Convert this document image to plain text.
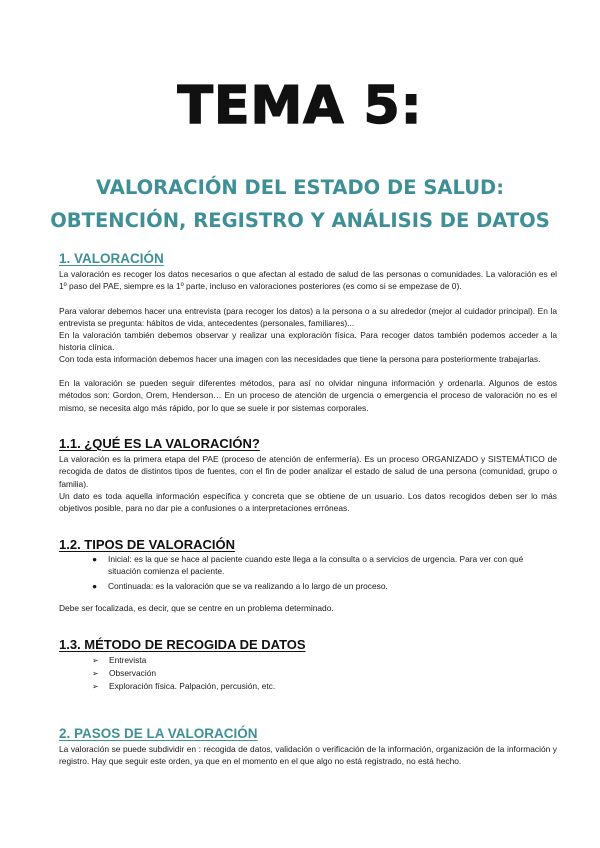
TEMA 5:
VALORACIÓN DEL ESTADO DE SALUD:
OBTENCIÓN, REGISTRO Y ANÁLISIS DE DATOS
1. VALORACIÓN
La valoración es recoger los datos necesarios o que afectan al estado de salud de las personas o comunidades. La valoración es el 1º paso del PAE, siempre es la 1º parte, incluso en valoraciones posteriores (es como si se empezase de 0).
Para valorar debemos hacer una entrevista (para recoger los datos) a la persona o a su alrededor (mejor al cuidador principal). En la entrevista se pregunta: hábitos de vida, antecedentes (personales, familiares)...
En la valoración también debemos observar y realizar una exploración física. Para recoger datos también podemos acceder a la historia clínica.
Con toda esta información debemos hacer una imagen con las necesidades que tiene la persona para posteriormente trabajarlas.
En la valoración se pueden seguir diferentes métodos, para así no olvidar ninguna información y ordenarla. Algunos de estos métodos son: Gordon, Orem, Henderson… En un proceso de atención de urgencia o emergencia el proceso de valoración no es el mismo, se necesita algo más rápido, por lo que se suele ir por sistemas corporales.
1.1. ¿QUÉ ES LA VALORACIÓN?
La valoración es la primera etapa del PAE (proceso de atención de enfermería). Es un proceso ORGANIZADO y SISTEMÁTICO de recogida de datos de distintos tipos de fuentes, con el fin de poder analizar el estado de salud de una persona (comunidad, grupo o familia).
Un dato es toda aquella información específica y concreta que se obtiene de un usuario. Los datos recogidos deben ser lo más objetivos posible, para no dar pie a confusiones o a interpretaciones erróneas.
1.2. TIPOS DE VALORACIÓN
● Inicial: es la que se hace al paciente cuando este llega a la consulta o a servicios de urgencia. Para ver con qué situación comienza el paciente.
● Continuada: es la valoración que se va realizando a lo largo de un proceso.
Debe ser focalizada, es decir, que se centre en un problema determinado.
1.3. MÉTODO DE RECOGIDA DE DATOS
➢ Entrevista
➢ Observación
➢ Exploración física. Palpación, percusión, etc.
2. PASOS DE LA VALORACIÓN
La valoración se puede subdividir en : recogida de datos, validación o verificación de la información, organización de la información y registro. Hay que seguir este orden, ya que en el momento en el que algo no está registrado, no está hecho.
